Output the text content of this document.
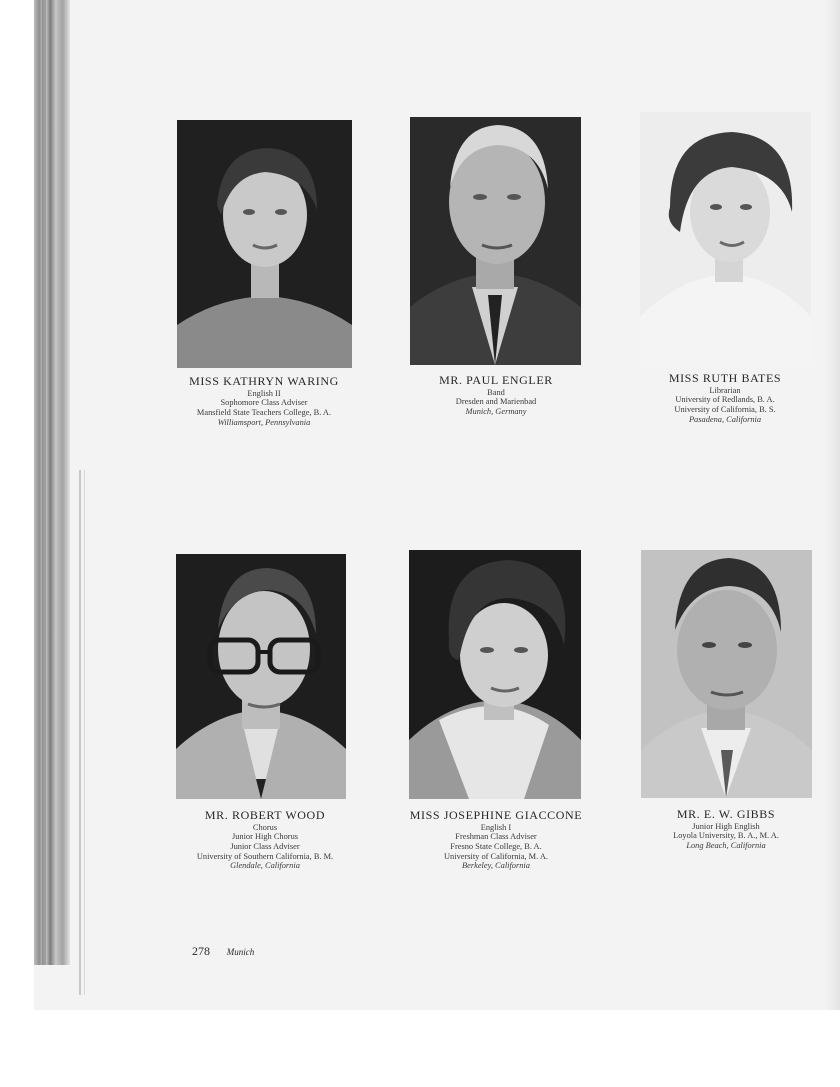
MISS KATHRYN WARING
English II
Sophomore Class Adviser
Mansfield State Teachers College, B. A.
Williamsport, Pennsylvania
MR. PAUL ENGLER
Band
Dresden and Marienbad
Munich, Germany
MISS RUTH BATES
Librarian
University of Redlands, B. A.
University of California, B. S.
Pasadena, California
MR. ROBERT WOOD
Chorus
Junior High Chorus
Junior Class Adviser
University of Southern California, B. M.
Glendale, California
MISS JOSEPHINE GIACCONE
English I
Freshman Class Adviser
Fresno State College, B. A.
University of California, M. A.
Berkeley, California
MR. E. W. GIBBS
Junior High English
Loyola University, B. A., M. A.
Long Beach, California
278 Munich
